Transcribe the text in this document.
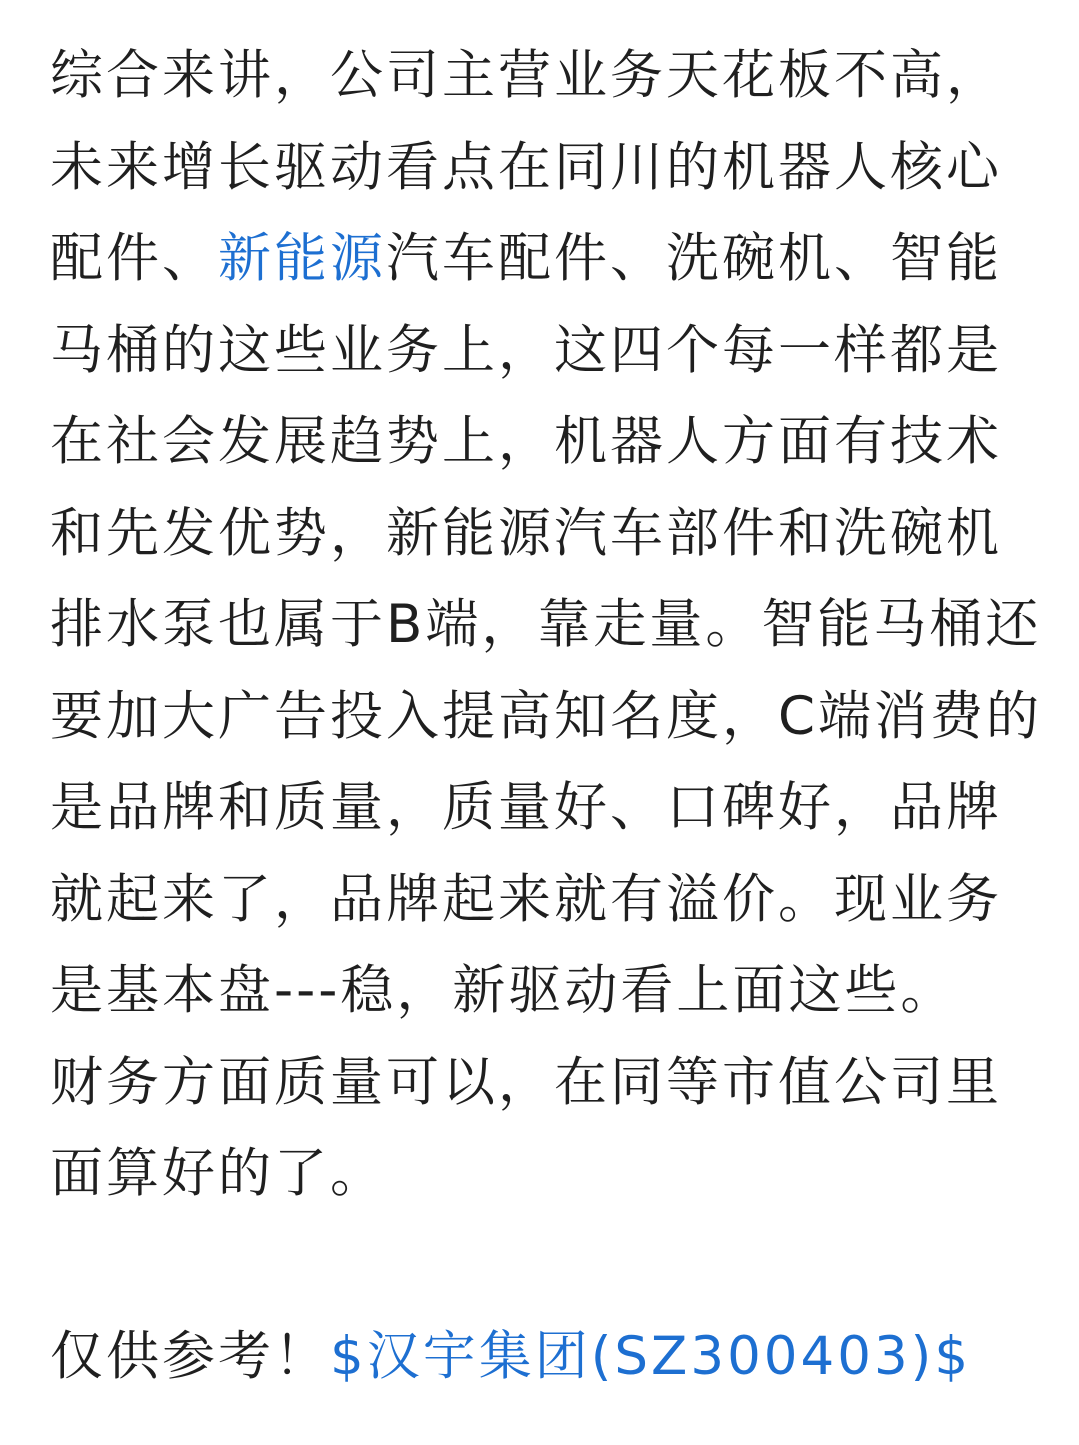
综合来讲，公司主营业务天花板不高，
未来增长驱动看点在同川的机器人核心
配件、新能源汽车配件、洗碗机、智能
马桶的这些业务上，这四个每一样都是
在社会发展趋势上，机器人方面有技术
和先发优势，新能源汽车部件和洗碗机
排水泵也属于B端，靠走量。智能马桶还
要加大广告投入提高知名度，C端消费的
是品牌和质量，质量好、口碑好，品牌
就起来了，品牌起来就有溢价。现业务
是基本盘---稳，新驱动看上面这些。
财务方面质量可以，在同等市值公司里
面算好的了。
仅供参考！$汉宇集团(SZ300403)$
